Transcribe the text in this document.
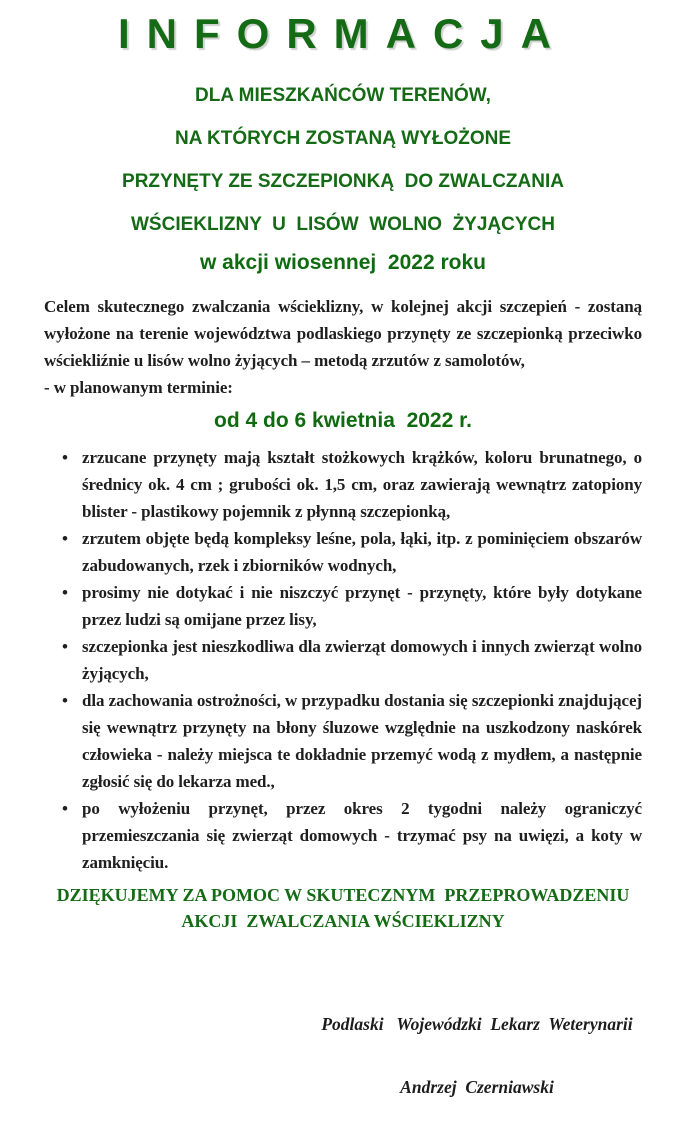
INFORMACJA
DLA MIESZKAŃCÓW TERENÓW,
NA KTÓRYCH ZOSTANĄ WYŁOŻONE
PRZYNĘTY ZE SZCZEPIONKĄ  DO ZWALCZANIA
WŚCIEKLIZNY  U  LISÓW  WOLNO  ŻYJĄCYCH
w akcji wiosennej  2022 roku
Celem skutecznego zwalczania wścieklizny, w kolejnej akcji szczepień - zostaną wyłożone na terenie województwa podlaskiego przynęty ze szczepionką przeciwko wściekliźnie u lisów wolno żyjących – metodą zrzutów z samolotów,
- w planowanym terminie:
od 4 do 6 kwietnia  2022 r.
• zrzucane przynęty mają kształt stożkowych krążków, koloru brunatnego, o średnicy ok. 4 cm ; grubości ok. 1,5 cm, oraz zawierają wewnątrz zatopiony blister - plastikowy pojemnik z płynną szczepionką,
• zrzutem objęte będą kompleksy leśne, pola, łąki, itp. z pominięciem obszarów zabudowanych, rzek i zbiorników wodnych,
• prosimy nie dotykać i nie niszczyć przynęt - przynęty, które były dotykane przez ludzi są omijane przez lisy,
• szczepionka jest nieszkodliwa dla zwierząt domowych i innych zwierząt wolno żyjących,
• dla zachowania ostrożności, w przypadku dostania się szczepionki znajdującej się wewnątrz przynęty na błony śluzowe względnie na uszkodzony naskórek człowieka - należy miejsca te dokładnie przemyć wodą z mydłem, a następnie zgłosić się do lekarza med.,
• po wyłożeniu przynęt, przez okres 2 tygodni należy ograniczyć przemieszczania się zwierząt domowych - trzymać psy na uwięzi, a koty w zamknięciu.
DZIĘKUJEMY ZA POMOC W SKUTECZNYM  PRZEPROWADZENIU
AKCJI  ZWALCZANIA WŚCIEKLIZNY

Podlaski   Wojewódzki  Lekarz  Weterynarii

Andrzej  Czerniawski
